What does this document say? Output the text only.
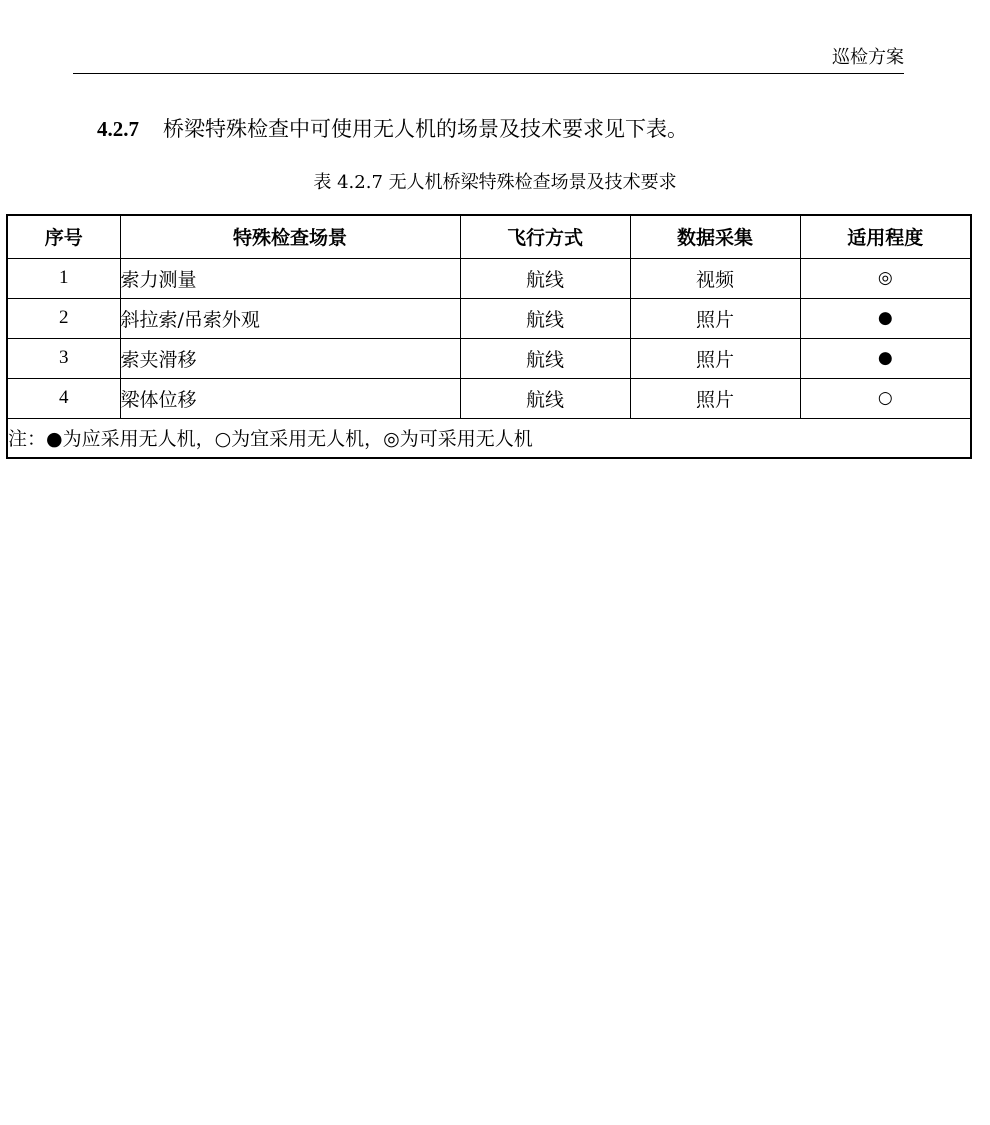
巡检方案
4.2.7 桥梁特殊检查中可使用无人机的场景及技术要求见下表。
表 4.2.7 无人机桥梁特殊检查场景及技术要求
序号	特殊检查场景	飞行方式	数据采集	适用程度
1	索力测量	航线	视频	◎
2	斜拉索/吊索外观	航线	照片	●
3	索夹滑移	航线	照片	●
4	梁体位移	航线	照片	○
注：●为应采用无人机，○为宜采用无人机，◎为可采用无人机				
